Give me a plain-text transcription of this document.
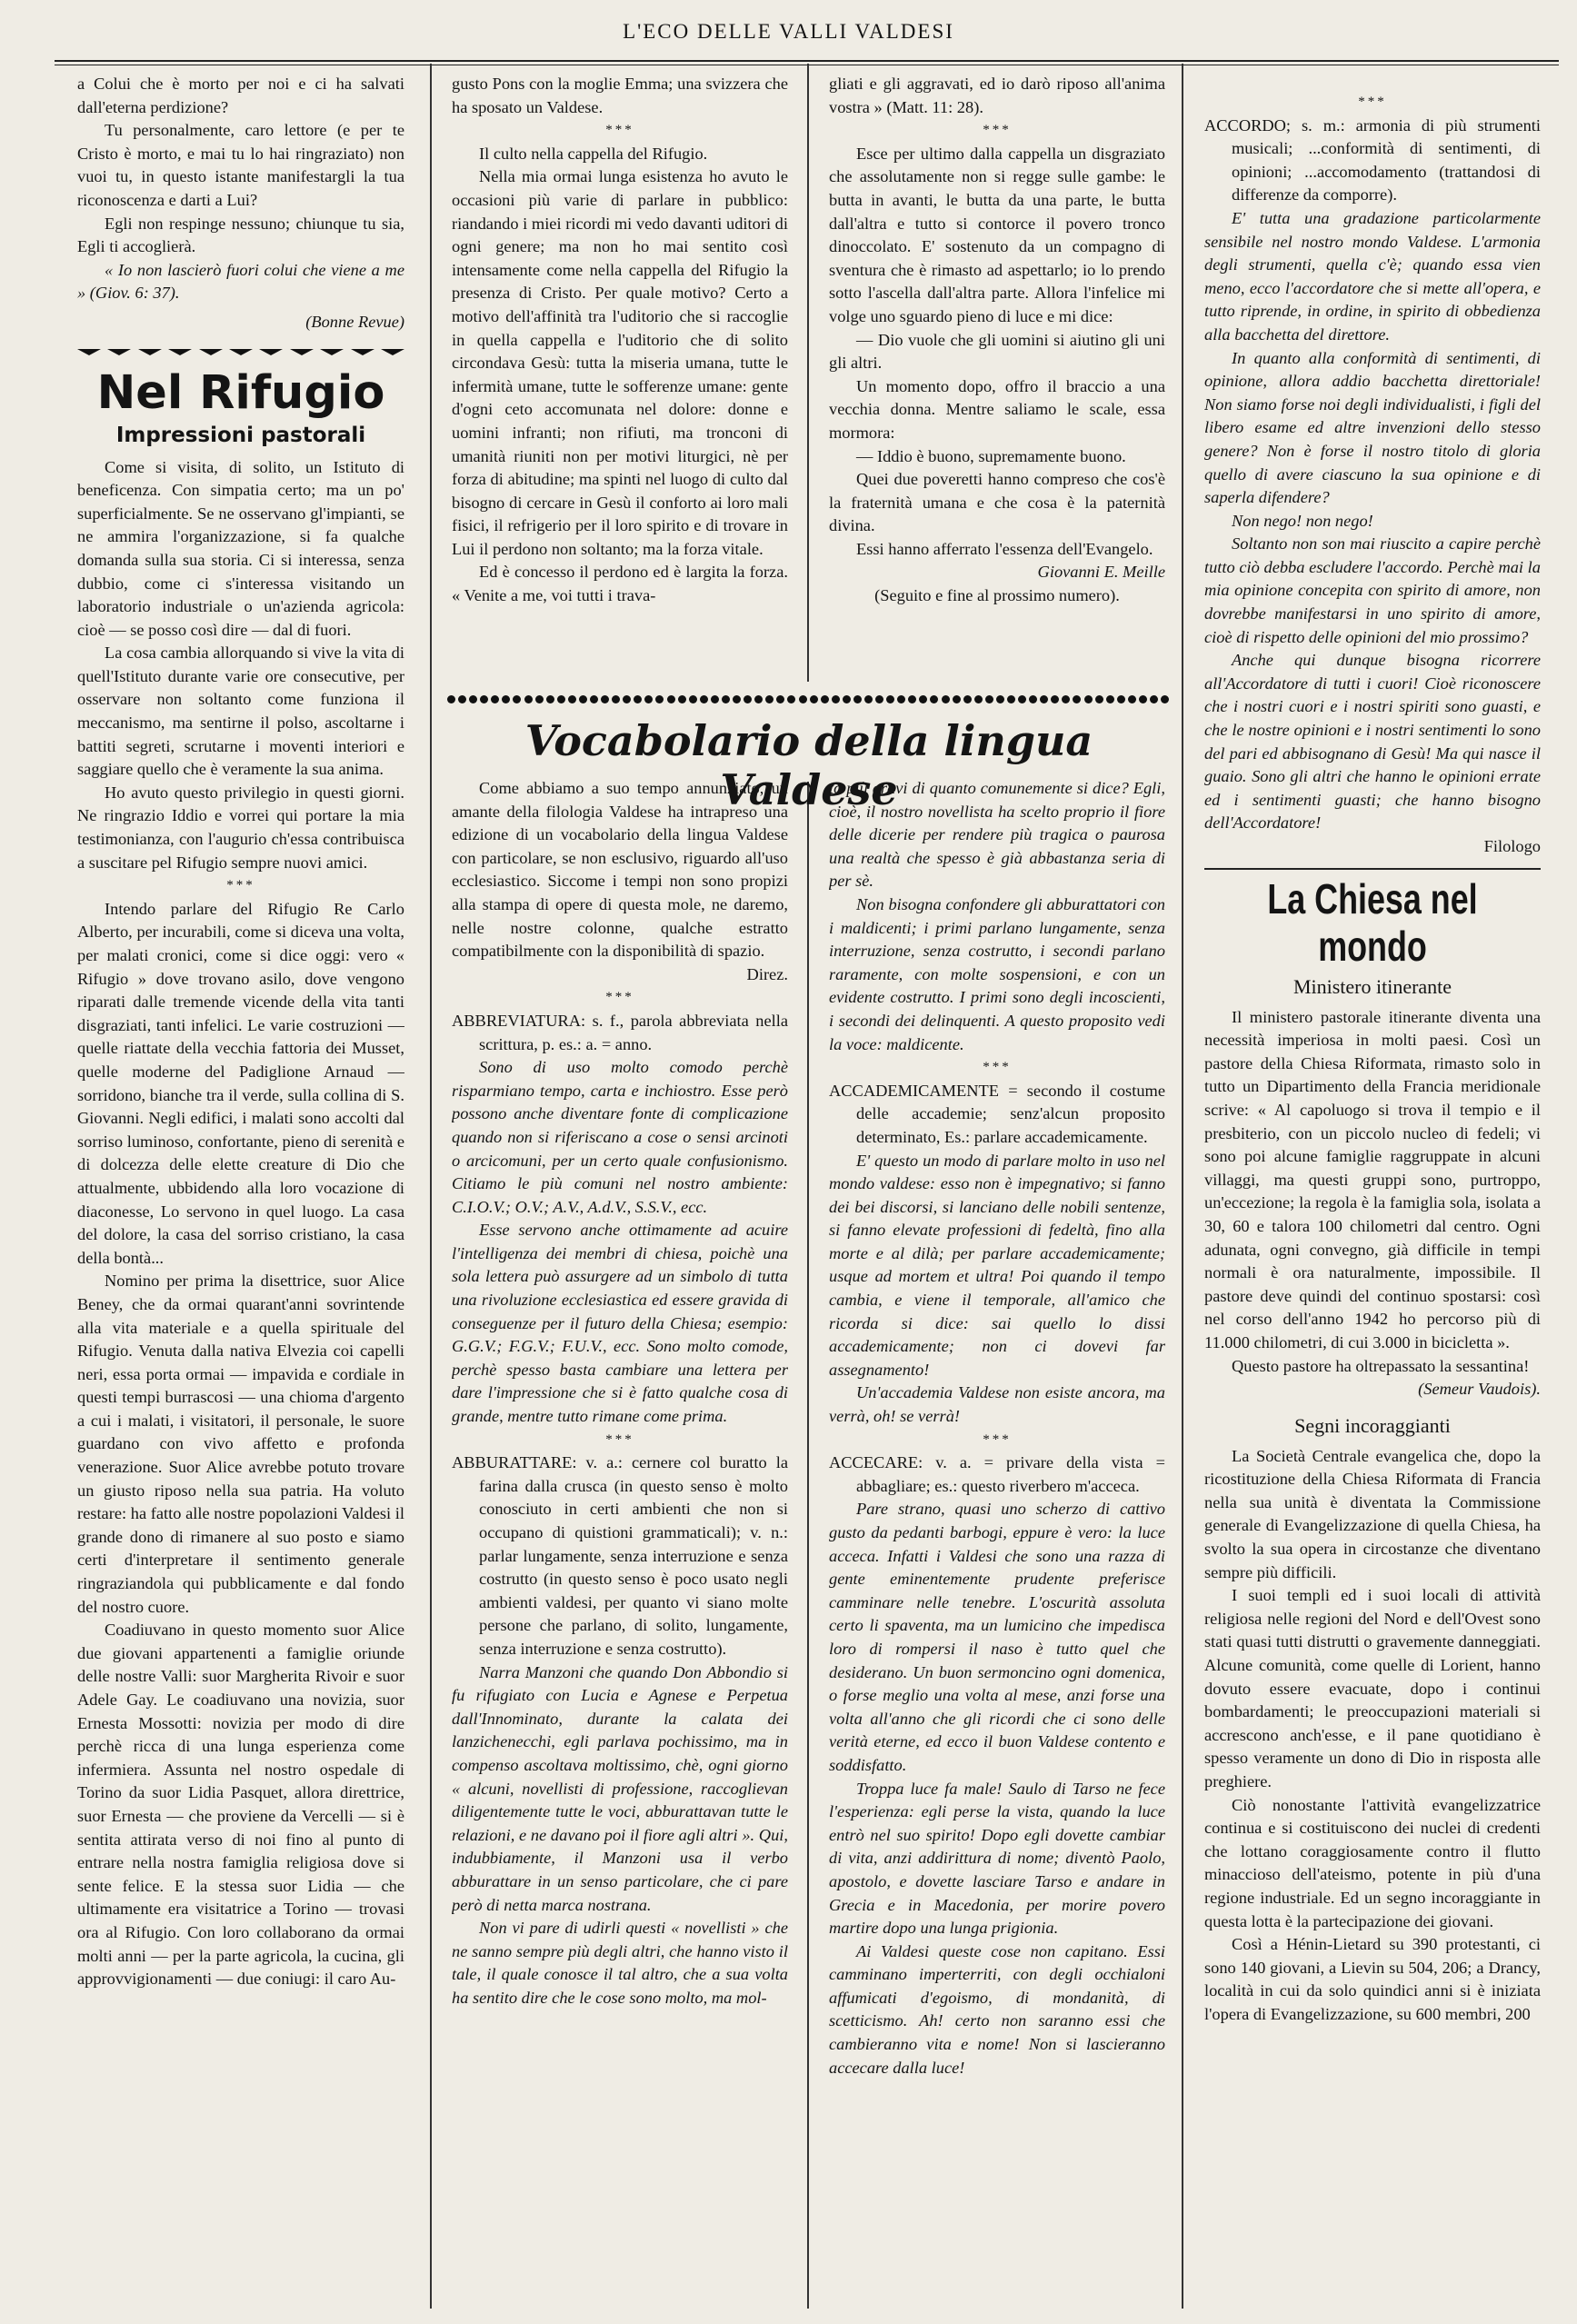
L'ECO DELLE VALLI VALDESI

a Colui che è morto per noi e ci ha salvati dall'eterna perdizione?

Tu personalmente, caro lettore (e per te Cristo è morto, e mai tu lo hai ringraziato) non vuoi tu, in questo istante manifestargli la tua riconoscenza e darti a Lui?

Egli non respinge nessuno; chiunque tu sia, Egli ti accoglierà.

« Io non lascierò fuori colui che viene a me » (Giov. 6: 37).

(Bonne Revue)

Nel Rifugio
Impressioni pastorali

Come si visita, di solito, un Istituto di beneficenza. Con simpatia certo; ma un po' superficialmente. Se ne osservano gl'impianti, se ne ammira l'organizzazione, si fa qualche domanda sulla sua storia. Ci si interessa, senza dubbio, come ci s'interessa visitando un laboratorio industriale o un'azienda agricola: cioè — se posso così dire — dal di fuori.

La cosa cambia allorquando si vive la vita di quell'Istituto durante varie ore consecutive, per osservare non soltanto come funziona il meccanismo, ma sentirne il polso, ascoltarne i battiti segreti, scrutarne i moventi interiori e saggiare quello che è veramente la sua anima.

Ho avuto questo privilegio in questi giorni. Ne ringrazio Iddio e vorrei qui portare la mia testimonianza, con l'augurio ch'essa contribuisca a suscitare pel Rifugio sempre nuovi amici.

***

Intendo parlare del Rifugio Re Carlo Alberto, per incurabili, come si diceva una volta, per malati cronici, come si dice oggi: vero « Rifugio » dove trovano asilo, dove vengono riparati dalle tremende vicende della vita tanti disgraziati, tanti infelici. Le varie costruzioni — quelle riattate della vecchia fattoria dei Musset, quelle moderne del Padiglione Arnaud — sorridono, bianche tra il verde, sulla collina di S. Giovanni. Negli edifici, i malati sono accolti dal sorriso luminoso, confortante, pieno di serenità e di dolcezza delle elette creature di Dio che attualmente, ubbidendo alla loro vocazione di diaconesse, Lo servono in quel luogo. La casa del dolore, la casa del sorriso cristiano, la casa della bontà...

Nomino per prima la disettrice, suor Alice Beney, che da ormai quarant'anni sovrintende alla vita materiale e a quella spirituale del Rifugio. Venuta dalla nativa Elvezia coi capelli neri, essa porta ormai — impavida e cordiale in questi tempi burrascosi — una chioma d'argento a cui i malati, i visitatori, il personale, le suore guardano con vivo affetto e profonda venerazione. Suor Alice avrebbe potuto trovare un giusto riposo nella sua patria. Ha voluto restare: ha fatto alle nostre popolazioni Valdesi il grande dono di rimanere al suo posto e siamo certi d'interpretare il sentimento generale ringraziandola qui pubblicamente e dal fondo del nostro cuore.

Coadiuvano in questo momento suor Alice due giovani appartenenti a famiglie oriunde delle nostre Valli: suor Margherita Rivoir e suor Adele Gay. Le coadiuvano una novizia, suor Ernesta Mossotti: novizia per modo di dire perchè ricca di una lunga esperienza come infermiera. Assunta nel nostro ospedale di Torino da suor Lidia Pasquet, allora direttrice, suor Ernesta — che proviene da Vercelli — si è sentita attirata verso di noi fino al punto di entrare nella nostra famiglia religiosa dove si sente felice. E la stessa suor Lidia — che ultimamente era visitatrice a Torino — trovasi ora al Rifugio. Con loro collaborano da ormai molti anni — per la parte agricola, la cucina, gli approvvigionamenti — due coniugi: il caro Au-

gusto Pons con la moglie Emma; una svizzera che ha sposato un Valdese.

***

Il culto nella cappella del Rifugio.

Nella mia ormai lunga esistenza ho avuto le occasioni più varie di parlare in pubblico: riandando i miei ricordi mi vedo davanti uditori di ogni genere; ma non ho mai sentito così intensamente come nella cappella del Rifugio la presenza di Cristo. Per quale motivo? Certo a motivo dell'affinità tra l'uditorio che si raccoglie in quella cappella e l'uditorio che di solito circondava Gesù: tutta la miseria umana, tutte le infermità umane, tutte le sofferenze umane: gente d'ogni ceto accomunata nel dolore: donne e uomini infranti; non rifiuti, ma tronconi di umanità riuniti non per motivi liturgici, nè per forza di abitudine; ma spinti nel luogo di culto dal bisogno di cercare in Gesù il conforto ai loro mali fisici, il refrigerio per il loro spirito e di trovare in Lui il perdono non soltanto; ma la forza vitale.

Ed è concesso il perdono ed è largita la forza. « Venite a me, voi tutti i trava-

gliati e gli aggravati, ed io darò riposo all'anima vostra » (Matt. 11: 28).

***

Esce per ultimo dalla cappella un disgraziato che assolutamente non si regge sulle gambe: le butta in avanti, le butta da una parte, le butta dall'altra e tutto si contorce il povero tronco dinoccolato. E' sostenuto da un compagno di sventura che è rimasto ad aspettarlo; io lo prendo sotto l'ascella dall'altra parte. Allora l'infelice mi volge uno sguardo pieno di luce e mi dice:

— Dio vuole che gli uomini si aiutino gli uni gli altri.

Un momento dopo, offro il braccio a una vecchia donna. Mentre saliamo le scale, essa mormora:

— Iddio è buono, supremamente buono.

Quei due poveretti hanno compreso che cos'è la fraternità umana e che cosa è la paternità divina.

Essi hanno afferrato l'essenza dell'Evangelo.

Giovanni E. Meille

(Seguito e fine al prossimo numero).

Vocabolario della lingua Valdese

Come abbiamo a suo tempo annunziato, un amante della filologia Valdese ha intrapreso una edizione di un vocabolario della lingua Valdese con particolare, se non esclusivo, riguardo all'uso ecclesiastico. Siccome i tempi non sono propizi alla stampa di opere di questa mole, ne daremo, nelle nostre colonne, qualche estratto compatibilmente con la disponibilità di spazio.

Direz.

***

ABBREVIATURA: s. f., parola abbreviata nella scrittura, p. es.: a. = anno.

Sono di uso molto comodo perchè risparmiano tempo, carta e inchiostro. Esse però possono anche diventare fonte di complicazione quando non si riferiscano a cose o sensi arcinoti o arcicomuni, per un certo quale confusionismo. Citiamo le più comuni nel nostro ambiente: C.I.O.V.; O.V.; A.V., A.d.V., S.S.V., ecc.

Esse servono anche ottimamente ad acuire l'intelligenza dei membri di chiesa, poichè una sola lettera può assurgere ad un simbolo di tutta una rivoluzione ecclesiastica ed essere gravida di conseguenze per il futuro della Chiesa; esempio: G.G.V.; F.G.V.; F.U.V., ecc. Sono molto comode, perchè spesso basta cambiare una lettera per dare l'impressione che si è fatto qualche cosa di grande, mentre tutto rimane come prima.

***

ABBURATTARE: v. a.: cernere col buratto la farina dalla crusca (in questo senso è molto conosciuto in certi ambienti che non si occupano di quistioni grammaticali); v. n.: parlar lungamente, senza interruzione e senza costrutto (in questo senso è poco usato negli ambienti valdesi, per quanto vi siano molte persone che parlano, di solito, lungamente, senza interruzione e senza costrutto).

Narra Manzoni che quando Don Abbondio si fu rifugiato con Lucia e Agnese e Perpetua dall'Innominato, durante la calata dei lanzichenecchi, egli parlava pochissimo, ma in compenso ascoltava moltissimo, chè, ogni giorno « alcuni, novellisti di professione, raccoglievan diligentemente tutte le voci, abburattavan tutte le relazioni, e ne davano poi il fiore agli altri ». Qui, indubbiamente, il Manzoni usa il verbo abburattare in un senso particolare, che ci pare però di netta marca nostrana.

Non vi pare di udirli questi « novellisti » che ne sanno sempre più degli altri, che hanno visto il tale, il quale conosce il tal altro, che a sua volta ha sentito dire che le cose sono molto, ma mol-

to più gravi di quanto comunemente si dice? Egli, cioè, il nostro novellista ha scelto proprio il fiore delle dicerie per rendere più tragica o paurosa una realtà che spesso è già abbastanza seria di per sè.

Non bisogna confondere gli abburattatori con i maldicenti; i primi parlano lungamente, senza interruzione, senza costrutto, i secondi parlano raramente, con molte sospensioni, e con un evidente costrutto. I primi sono degli incoscienti, i secondi dei delinquenti. A questo proposito vedi la voce: maldicente.

***

ACCADEMICAMENTE = secondo il costume delle accademie; senz'alcun proposito determinato, Es.: parlare accademicamente.

E' questo un modo di parlare molto in uso nel mondo valdese: esso non è impegnativo; si fanno dei bei discorsi, si lanciano delle nobili sentenze, si fanno elevate professioni di fedeltà, fino alla morte e al dilà; per parlare accademicamente; usque ad mortem et ultra! Poi quando il tempo cambia, e viene il temporale, all'amico che ricorda si dice: sai quello lo dissi accademicamente; non ci dovevi far assegnamento!

Un'accademia Valdese non esiste ancora, ma verrà, oh! se verrà!

***

ACCECARE: v. a. = privare della vista = abbagliare; es.: questo riverbero m'acceca.

Pare strano, quasi uno scherzo di cattivo gusto da pedanti barbogi, eppure è vero: la luce acceca. Infatti i Valdesi che sono una razza di gente eminentemente prudente preferisce camminare nelle tenebre. L'oscurità assoluta certo li spaventa, ma un lumicino che impedisca loro di rompersi il naso è tutto quel che desiderano. Un buon sermoncino ogni domenica, o forse meglio una volta al mese, anzi forse una volta all'anno che gli ricordi che ci sono delle verità eterne, ed ecco il buon Valdese contento e soddisfatto.

Troppa luce fa male! Saulo di Tarso ne fece l'esperienza: egli perse la vista, quando la luce entrò nel suo spirito! Dopo egli dovette cambiar di vita, anzi addirittura di nome; diventò Paolo, apostolo, e dovette lasciare Tarso e andare in Grecia e in Macedonia, per morire povero martire dopo una lunga prigionia.

Ai Valdesi queste cose non capitano. Essi camminano imperterriti, con degli occhialoni affumicati d'egoismo, di mondanità, di scetticismo. Ah! certo non saranno essi che cambieranno vita e nome! Non si lascieranno accecare dalla luce!

***

ACCORDO; s. m.: armonia di più strumenti musicali; ...conformità di sentimenti, di opinioni; ...accomodamento (trattandosi di differenze da comporre).

E' tutta una gradazione particolarmente sensibile nel nostro mondo Valdese. L'armonia degli strumenti, quella c'è; quando essa vien meno, ecco l'accordatore che si mette all'opera, e tutto riprende, in ordine, in spirito di obbedienza alla bacchetta del direttore.

In quanto alla conformità di sentimenti, di opinione, allora addio bacchetta direttoriale! Non siamo forse noi degli individualisti, i figli del libero esame ed altre invenzioni dello stesso genere? Non è forse il nostro titolo di gloria quello di avere ciascuno la sua opinione e di saperla difendere?

Non nego! non nego!

Soltanto non son mai riuscito a capire perchè tutto ciò debba escludere l'accordo. Perchè mai la mia opinione concepita con spirito di amore, non dovrebbe manifestarsi in uno spirito di amore, cioè di rispetto delle opinioni del mio prossimo?

Anche qui dunque bisogna ricorrere all'Accordatore di tutti i cuori! Cioè riconoscere che i nostri cuori e i nostri spiriti sono guasti, e che le nostre opinioni e i nostri sentimenti lo sono del pari ed abbisognano di Gesù! Ma qui nasce il guaio. Sono gli altri che hanno le opinioni errate ed i sentimenti guasti; che hanno bisogno dell'Accordatore!

Filologo

La Chiesa nel mondo
Ministero itinerante

Il ministero pastorale itinerante diventa una necessità imperiosa in molti paesi. Così un pastore della Chiesa Riformata, rimasto solo in tutto un Dipartimento della Francia meridionale scrive: « Al capoluogo si trova il tempio e il presbiterio, con un piccolo nucleo di fedeli; vi sono poi alcune famiglie raggruppate in alcuni villaggi, ma questi gruppi sono, purtroppo, un'eccezione; la regola è la famiglia sola, isolata a 30, 60 e talora 100 chilometri dal centro. Ogni adunata, ogni convegno, già difficile in tempi normali è ora naturalmente, impossibile. Il pastore deve quindi del continuo spostarsi: così nel corso dell'anno 1942 ho percorso più di 11.000 chilometri, di cui 3.000 in bicicletta ».

Questo pastore ha oltrepassato la sessantina!

(Semeur Vaudois).

Segni incoraggianti

La Società Centrale evangelica che, dopo la ricostituzione della Chiesa Riformata di Francia nella sua unità è diventata la Commissione generale di Evangelizzazione di quella Chiesa, ha svolto la sua opera in circostanze che diventano sempre più difficili.

I suoi templi ed i suoi locali di attività religiosa nelle regioni del Nord e dell'Ovest sono stati quasi tutti distrutti o gravemente danneggiati. Alcune comunità, come quelle di Lorient, hanno dovuto essere evacuate, dopo i continui bombardamenti; le preoccupazioni materiali si accrescono anch'esse, e il pane quotidiano è spesso veramente un dono di Dio in risposta alle preghiere.

Ciò nonostante l'attività evangelizzatrice continua e si costituiscono dei nuclei di credenti che lottano coraggiosamente contro il flutto minaccioso dell'ateismo, potente in più d'una regione industriale. Ed un segno incoraggiante in questa lotta è la partecipazione dei giovani.

Così a Hénin-Lietard su 390 protestanti, ci sono 140 giovani, a Lievin su 504, 206; a Drancy, località in cui da solo quindici anni si è iniziata l'opera di Evangelizzazione, su 600 membri, 200
